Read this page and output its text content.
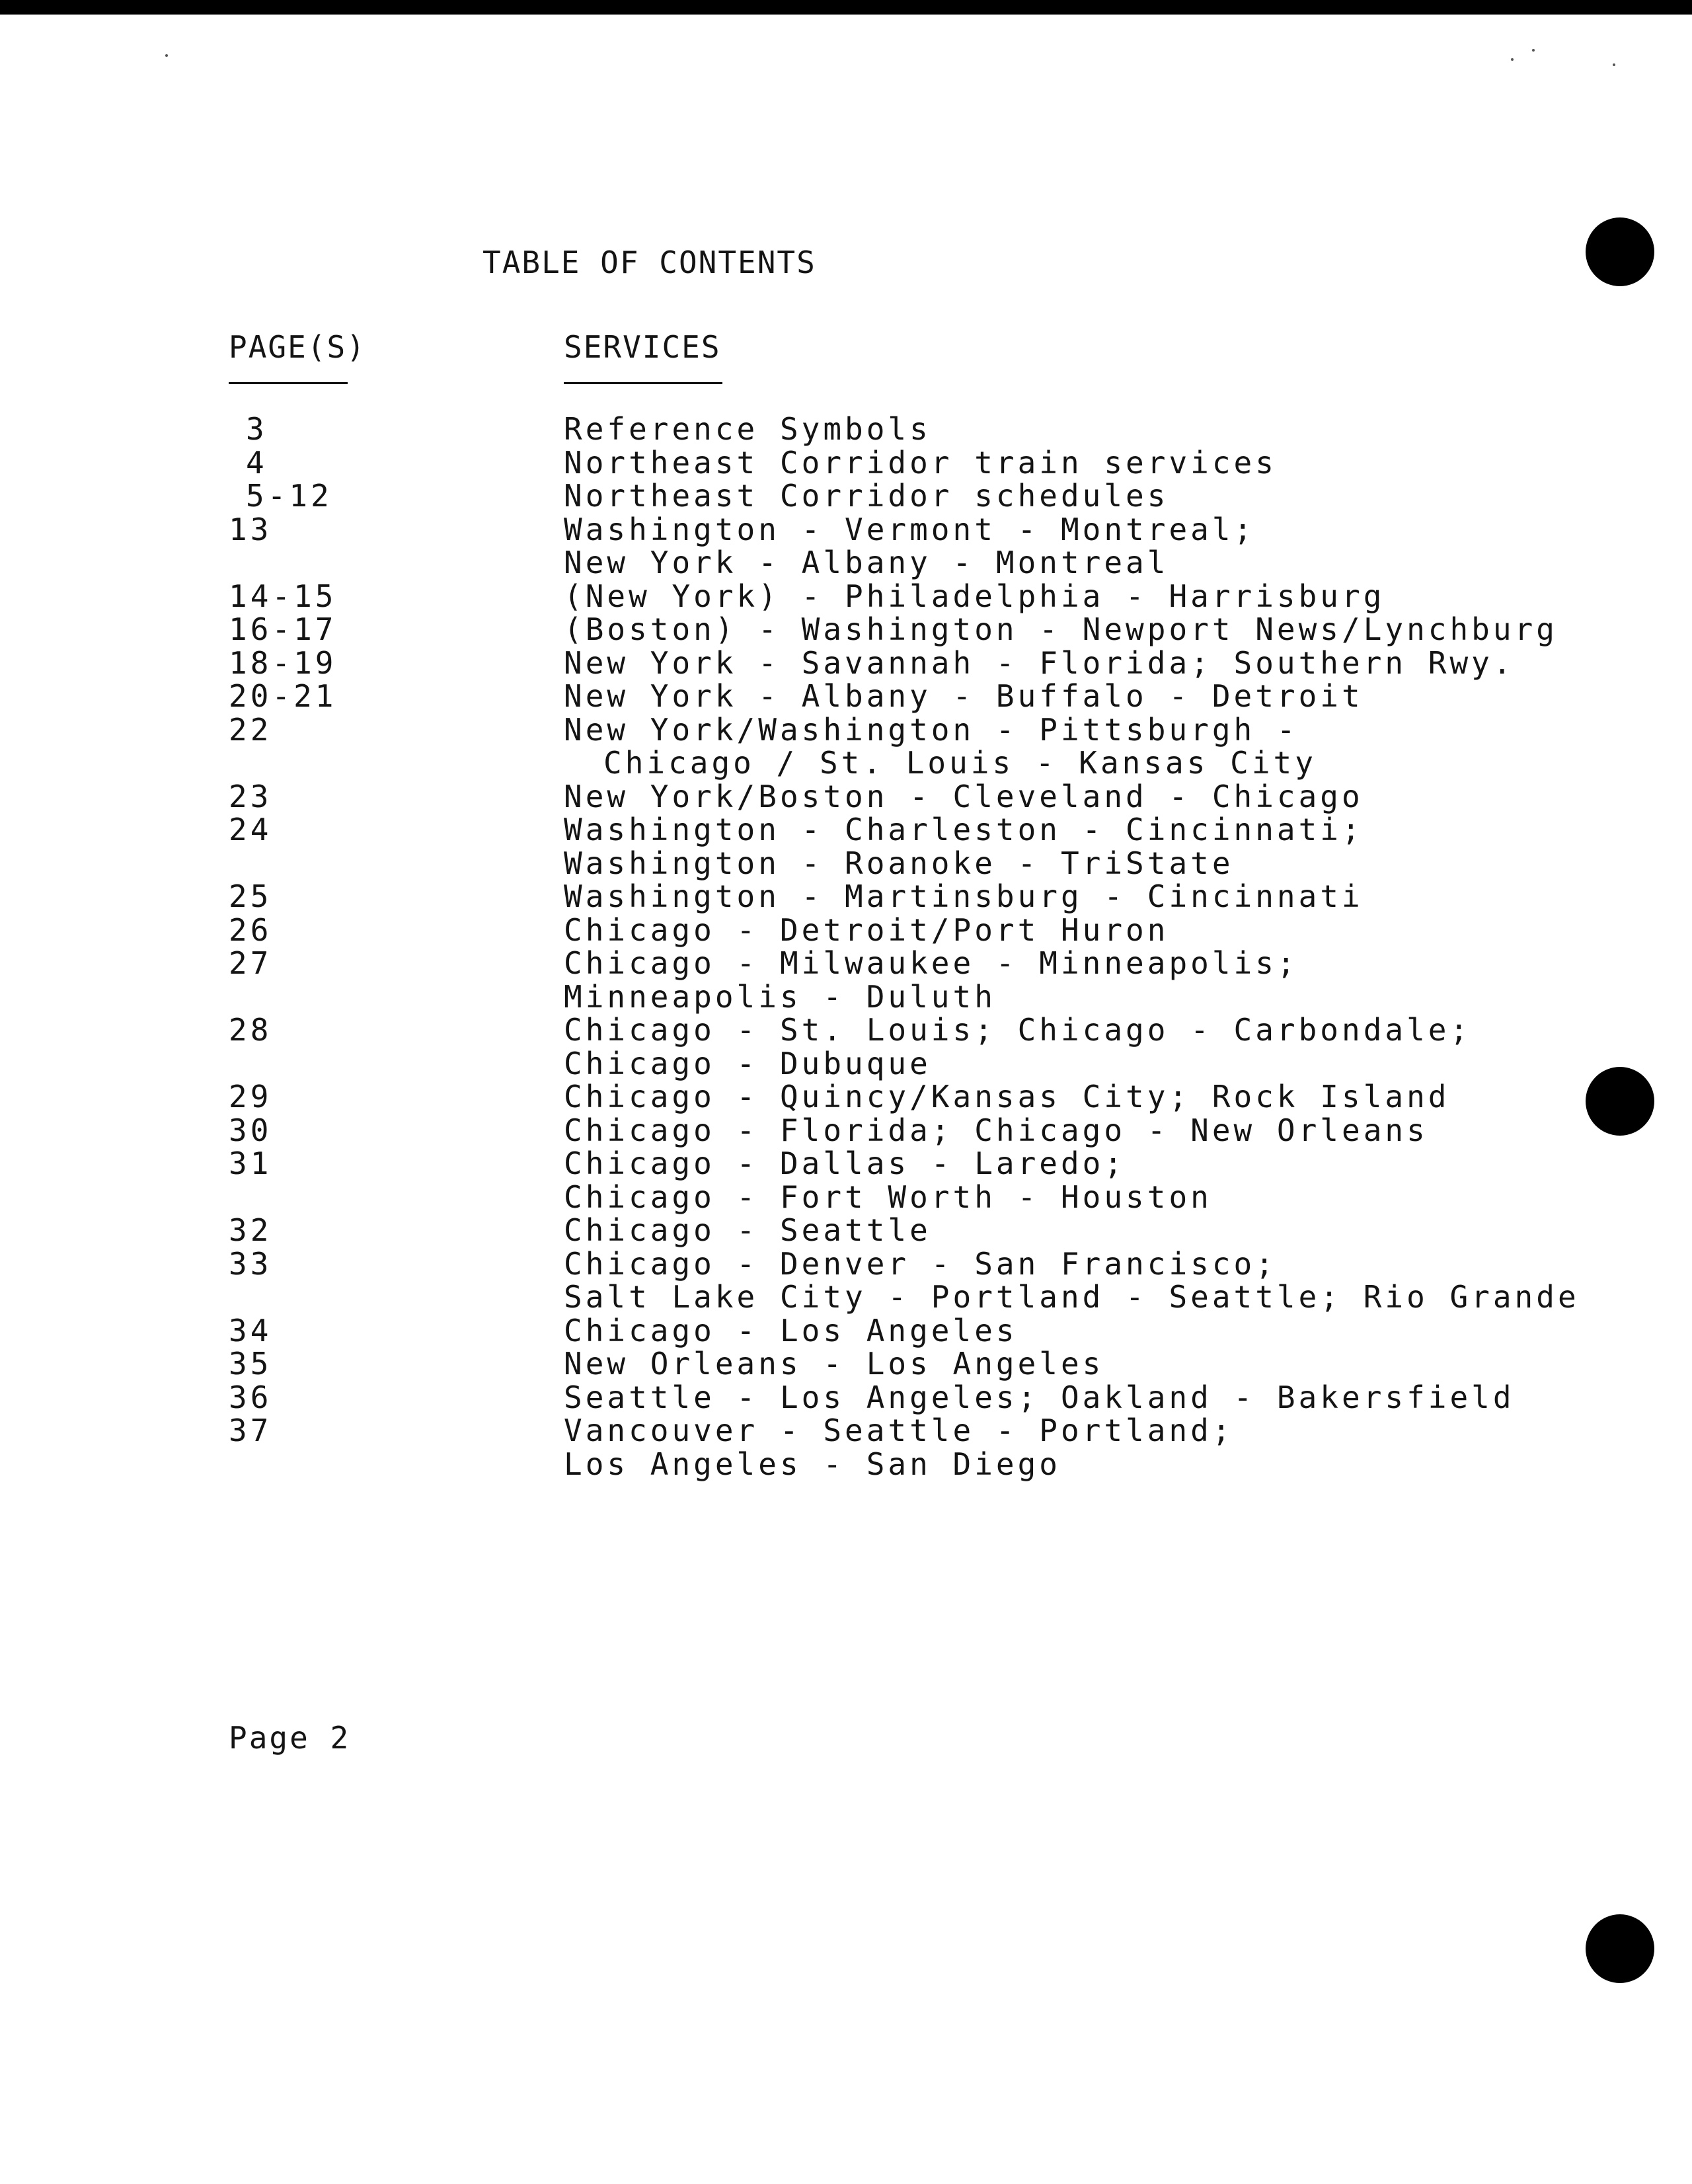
TABLE OF CONTENTS
PAGE(S)	SERVICES
3	Reference Symbols
4	Northeast Corridor train services
5-12	Northeast Corridor schedules
13	Washington - Vermont - Montreal;
New York - Albany - Montreal
14-15	(New York) - Philadelphia - Harrisburg
16-17	(Boston) - Washington - Newport News/Lynchburg
18-19	New York - Savannah - Florida; Southern Rwy.
20-21	New York - Albany - Buffalo - Detroit
22	New York/Washington - Pittsburgh -
Chicago / St. Louis - Kansas City
23	New York/Boston - Cleveland - Chicago
24	Washington - Charleston - Cincinnati;
Washington - Roanoke - TriState
25	Washington - Martinsburg - Cincinnati
26	Chicago - Detroit/Port Huron
27	Chicago - Milwaukee - Minneapolis;
Minneapolis - Duluth
28	Chicago - St. Louis; Chicago - Carbondale;
Chicago - Dubuque
29	Chicago - Quincy/Kansas City; Rock Island
30	Chicago - Florida; Chicago - New Orleans
31	Chicago - Dallas - Laredo;
Chicago - Fort Worth - Houston
32	Chicago - Seattle
33	Chicago - Denver - San Francisco;
Salt Lake City - Portland - Seattle; Rio Grande
34	Chicago - Los Angeles
35	New Orleans - Los Angeles
36	Seattle - Los Angeles; Oakland - Bakersfield
37	Vancouver - Seattle - Portland;
Los Angeles - San Diego
Page 2
